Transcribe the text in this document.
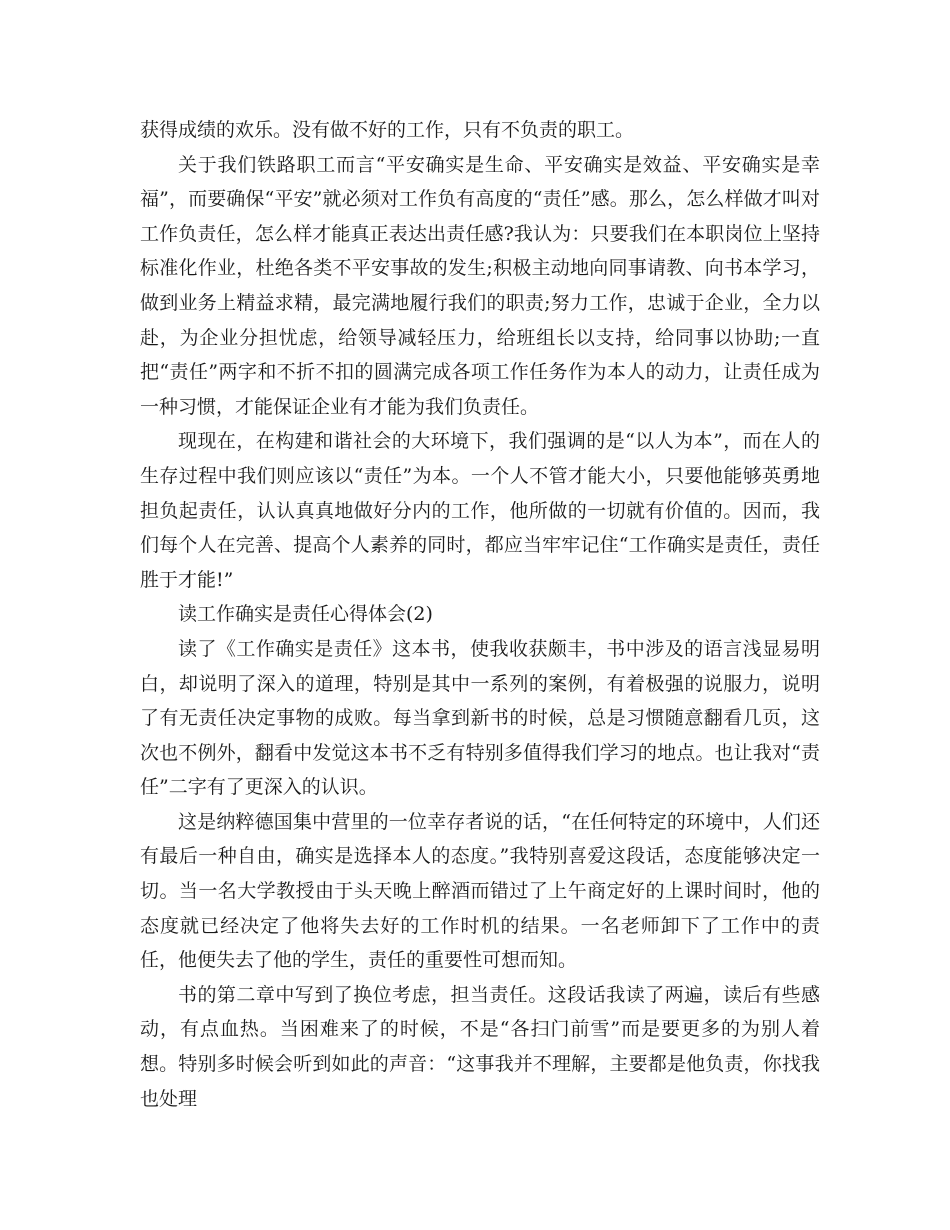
获得成绩的欢乐。没有做不好的工作，只有不负责的职工。

关于我们铁路职工而言“平安确实是生命、平安确实是效益、平安确实是幸福”，而要确保“平安”就必须对工作负有高度的“责任”感。那么，怎么样做才叫对工作负责任，怎么样才能真正表达出责任感?我认为：只要我们在本职岗位上坚持标准化作业，杜绝各类不平安事故的发生;积极主动地向同事请教、向书本学习，做到业务上精益求精，最完满地履行我们的职责;努力工作，忠诚于企业，全力以赴，为企业分担忧虑，给领导减轻压力，给班组长以支持，给同事以协助;一直把“责任”两字和不折不扣的圆满完成各项工作任务作为本人的动力，让责任成为一种习惯，才能保证企业有才能为我们负责任。

现现在，在构建和谐社会的大环境下，我们强调的是“以人为本”，而在人的生存过程中我们则应该以“责任”为本。一个人不管才能大小，只要他能够英勇地担负起责任，认认真真地做好分内的工作，他所做的一切就有价值的。因而，我们每个人在完善、提高个人素养的同时，都应当牢牢记住“工作确实是责任，责任胜于才能!”

读工作确实是责任心得体会(2)

读了《工作确实是责任》这本书，使我收获颇丰，书中涉及的语言浅显易明白，却说明了深入的道理，特别是其中一系列的案例，有着极强的说服力，说明了有无责任决定事物的成败。每当拿到新书的时候，总是习惯随意翻看几页，这次也不例外，翻看中发觉这本书不乏有特别多值得我们学习的地点。也让我对“责任”二字有了更深入的认识。

这是纳粹德国集中营里的一位幸存者说的话，“在任何特定的环境中，人们还有最后一种自由，确实是选择本人的态度。”我特别喜爱这段话，态度能够决定一切。当一名大学教授由于头天晚上醉酒而错过了上午商定好的上课时间时，他的态度就已经决定了他将失去好的工作时机的结果。一名老师卸下了工作中的责任，他便失去了他的学生，责任的重要性可想而知。

书的第二章中写到了换位考虑，担当责任。这段话我读了两遍，读后有些感动，有点血热。当困难来了的时候，不是“各扫门前雪”而是要更多的为别人着想。特别多时候会听到如此的声音：“这事我并不理解，主要都是他负责，你找我也处理
